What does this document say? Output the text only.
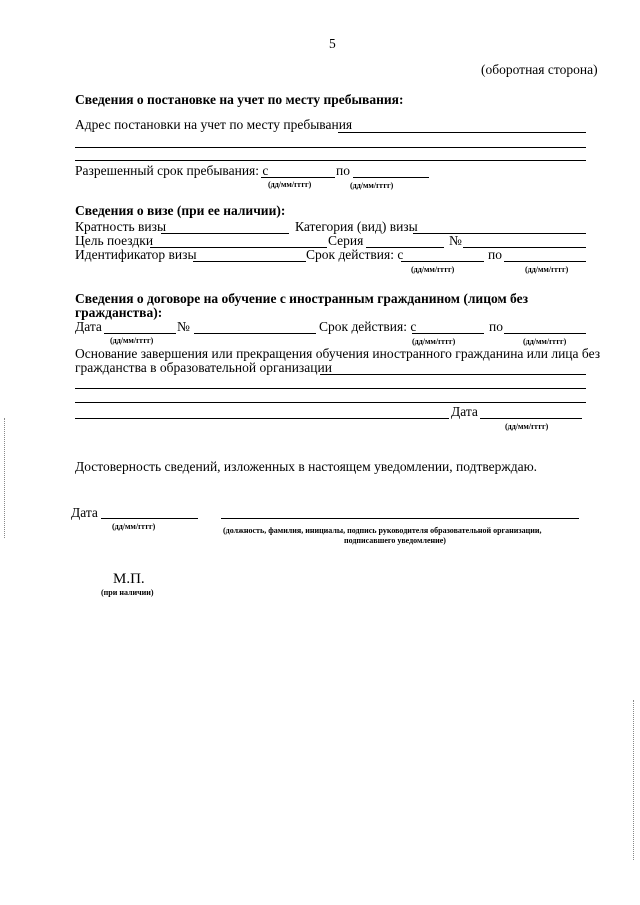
5
(оборотная сторона)
Сведения о постановке на учет по месту пребывания:
Адрес постановки на учет по месту пребывания
Разрешенный срок пребывания: с	по
(дд/мм/гггг)	(дд/мм/гггг)
Сведения о визе (при ее наличии):
Кратность визы	Категория (вид) визы
Цель поездки	Серия	№
Идентификатор визы	Срок действия: с	по
(дд/мм/гггг)	(дд/мм/гггг)
Сведения о договоре на обучение с иностранным гражданином (лицом без
гражданства):
Дата	№	Срок действия: с	по
(дд/мм/гггг)	(дд/мм/гггг)	(дд/мм/гггг)
Основание завершения или прекращения обучения иностранного гражданина или лица без
гражданства в образовательной организации
Дата
(дд/мм/гггг)
Достоверность сведений, изложенных в настоящем уведомлении, подтверждаю.
Дата
(дд/мм/гггг)	(должность, фамилия, инициалы, подпись руководителя образовательной организации,
подписавшего уведомление)
М.П.
(при наличии)
